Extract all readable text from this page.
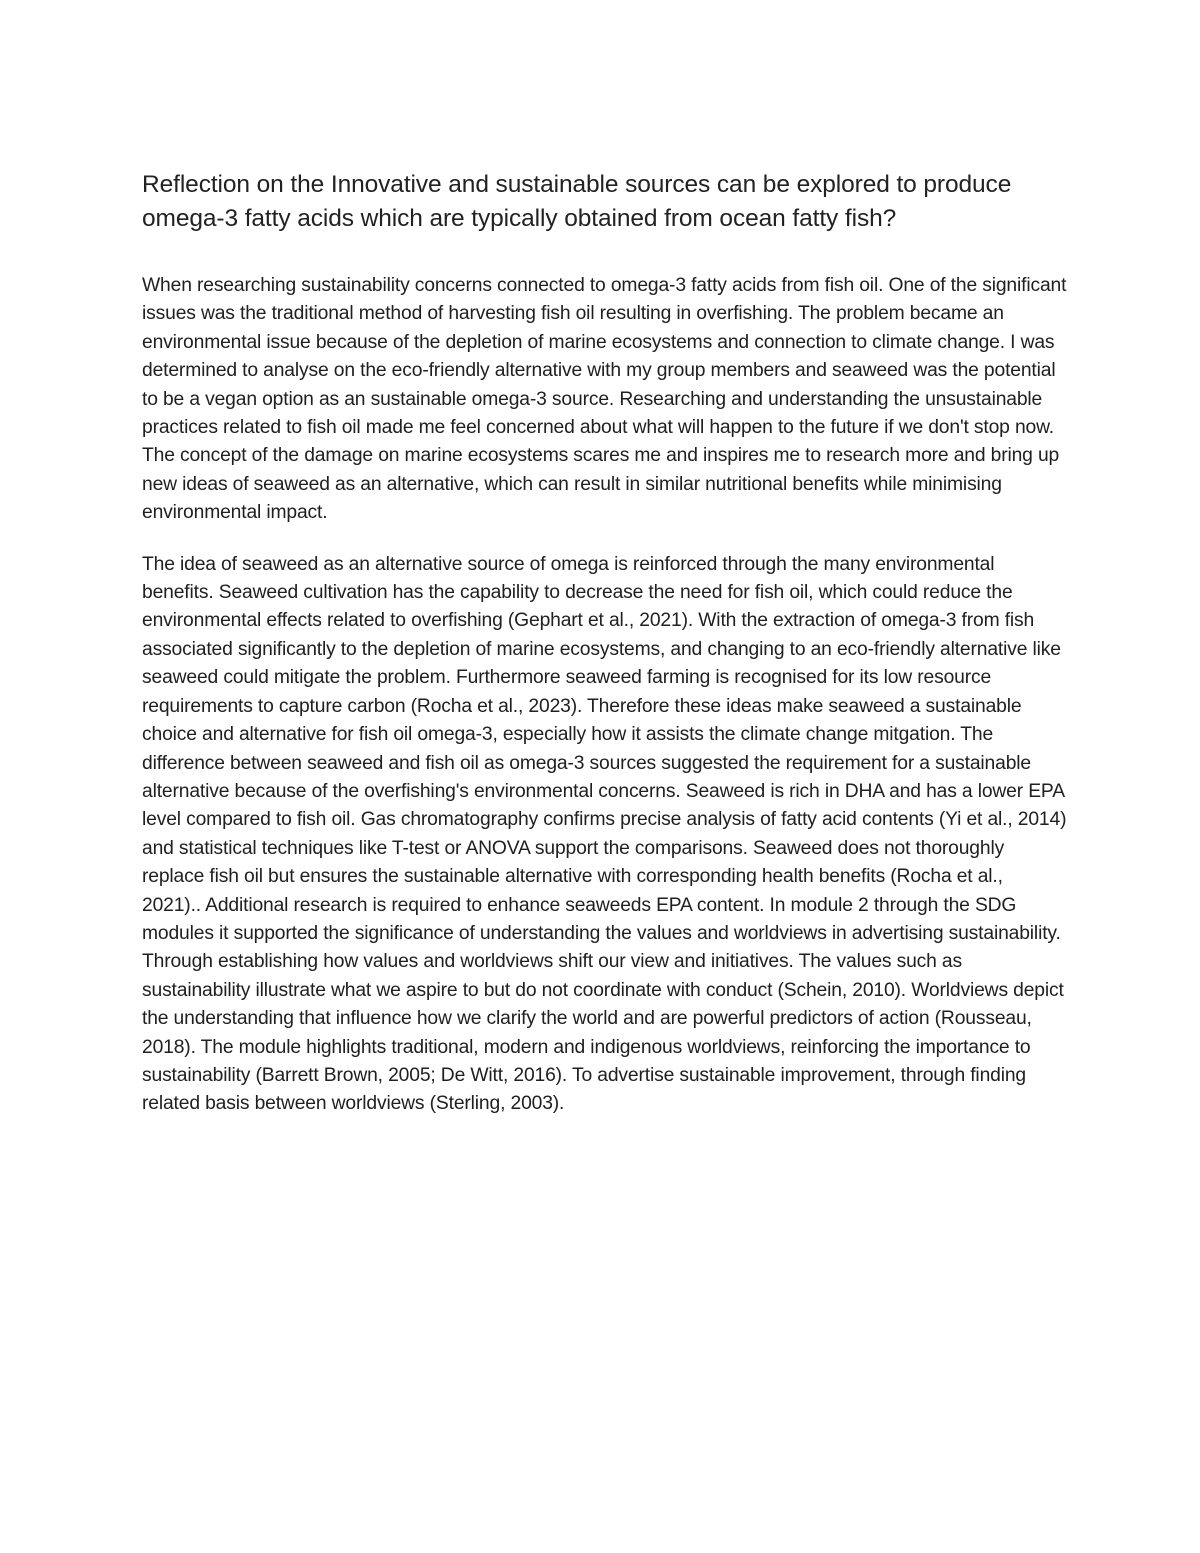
Reflection on the Innovative and sustainable sources can be explored to produce omega-3 fatty acids which are typically obtained from ocean fatty fish?

When researching sustainability concerns connected to omega-3 fatty acids from fish oil. One of the significant issues was the traditional method of harvesting fish oil resulting in overfishing. The problem became an environmental issue because of the depletion of marine ecosystems and connection to climate change. I was determined to analyse on the eco-friendly alternative with my group members and seaweed was the potential to be a vegan option as an sustainable omega-3 source. Researching and understanding the unsustainable practices related to fish oil made me feel concerned about what will happen to the future if we don't stop now. The concept of the damage on marine ecosystems scares me and inspires me to research more and bring up new ideas of seaweed as an alternative, which can result in similar nutritional benefits while minimising environmental impact.

The idea of seaweed as an alternative source of omega is reinforced through the many environmental benefits. Seaweed cultivation has the capability to decrease the need for fish oil, which could reduce the environmental effects related to overfishing (Gephart et al., 2021). With the extraction of omega-3 from fish associated significantly to the depletion of marine ecosystems, and changing to an eco-friendly alternative like seaweed could mitigate the problem. Furthermore seaweed farming is recognised for its low resource requirements to capture carbon (Rocha et al., 2023). Therefore these ideas make seaweed a sustainable choice and alternative for fish oil omega-3, especially how it assists the climate change mitgation. The difference between seaweed and fish oil as omega-3 sources suggested the requirement for a sustainable alternative because of the overfishing's environmental concerns. Seaweed is rich in DHA and has a lower EPA level compared to fish oil. Gas chromatography confirms precise analysis of fatty acid contents (Yi et al., 2014) and statistical techniques like T-test or ANOVA support the comparisons. Seaweed does not thoroughly replace fish oil but ensures the sustainable alternative with corresponding health benefits (Rocha et al., 2021).. Additional research is required to enhance seaweeds EPA content. In module 2 through the SDG modules it supported the significance of understanding the values and worldviews in advertising sustainability. Through establishing how values and worldviews shift our view and initiatives. The values such as sustainability illustrate what we aspire to but do not coordinate with conduct (Schein, 2010). Worldviews depict the understanding that influence how we clarify the world and are powerful predictors of action (Rousseau, 2018). The module highlights traditional, modern and indigenous worldviews, reinforcing the importance to sustainability (Barrett Brown, 2005; De Witt, 2016). To advertise sustainable improvement, through finding related basis between worldviews (Sterling, 2003).
